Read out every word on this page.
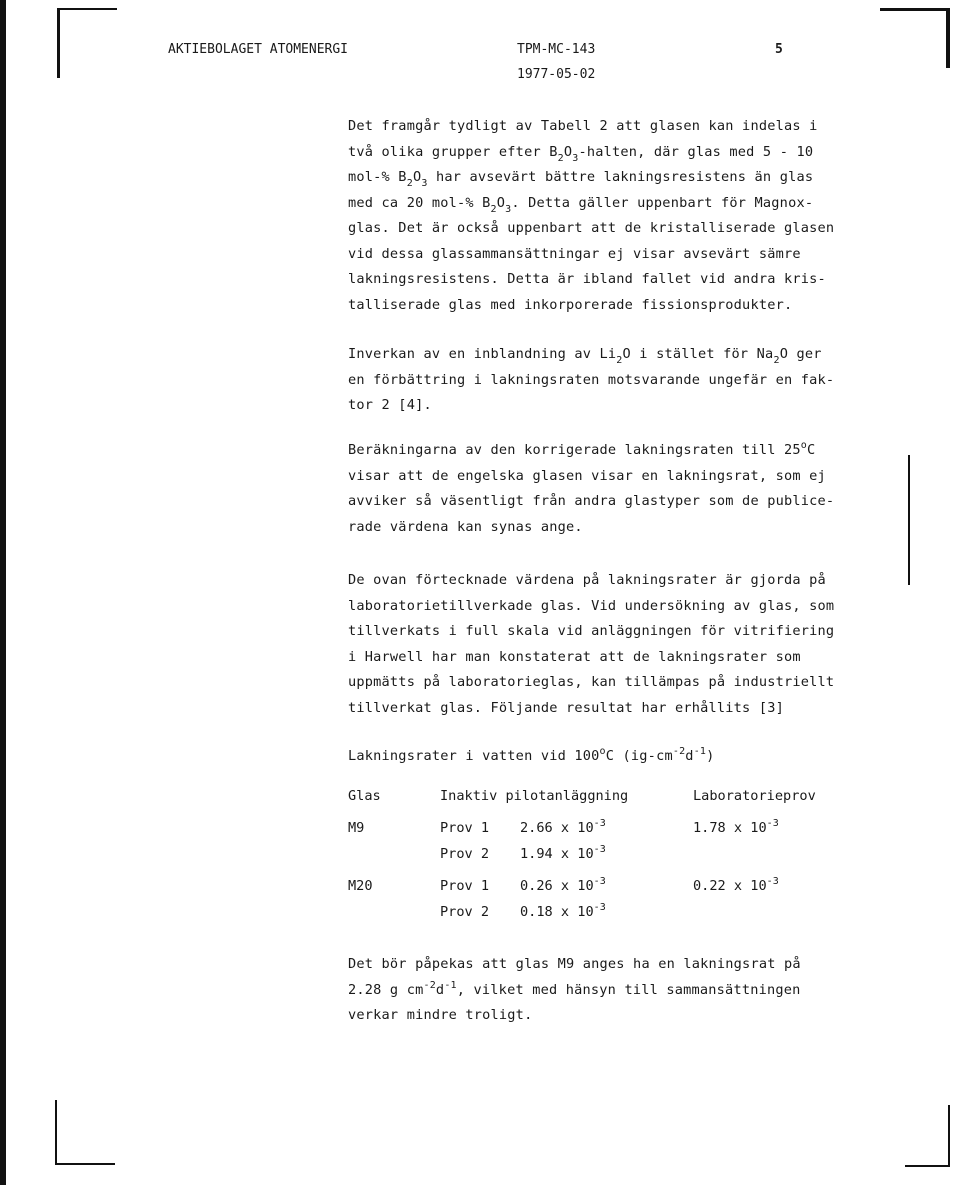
AKTIEBOLAGET ATOMENERGI	TPM-MC-143
1977-05-02
5
Det framgår tydligt av Tabell 2 att glasen kan indelas i
två olika grupper efter $B_2O_3$-halten, där glas med 5 - 10
mol-% $B_2O_3$ har avsevärt bättre lakningsresistens än glas
med ca 20 mol-% $B_2O_3$. Detta gäller uppenbart för Magnox-
glas. Det är också uppenbart att de kristalliserade glasen
vid dessa glassammansättningar ej visar avsevärt sämre
lakningsresistens. Detta är ibland fallet vid andra kris-
talliserade glas med inkorporerade fissionsprodukter.
Inverkan av en inblandning av $Li_2O$ i stället för $Na_2O$ ger
en förbättring i lakningsraten motsvarande ungefär en fak-
tor 2 [4].
Beräkningarna av den korrigerade lakningsraten till 25$^o$C
visar att de engelska glasen visar en lakningsrat, som ej
avviker så väsentligt från andra glastyper som de publice-
rade värdena kan synas ange.
De ovan förtecknade värdena på lakningsrater är gjorda på
laboratorietillverkade glas. Vid undersökning av glas, som
tillverkats i full skala vid anläggningen för vitrifiering
i Harwell har man konstaterat att de lakningsrater som
uppmätts på laboratorieglas, kan tillämpas på industriellt
tillverkat glas. Följande resultat har erhållits [3]
Lakningsrater i vatten vid 100$^o$C $(ig-cm^{-2}d^{-1})$
Glas	Inaktiv pilotanläggning	Laboratorieprov
M9	Prov 1 2.66 x $10^{-3}$	1.78 x $10^{-3}$
Prov 2 1.94 x $10^{-3}$
M20	Prov 1 0.26 x $10^{-3}$	0.22 x $10^{-3}$
Prov 2 0.18 x $10^{-3}$
Det bör påpekas att glas M9 anges ha en lakningsrat på
2.28 g $cm^{-2}d^{-1}$, vilket med hänsyn till sammansättningen
verkar mindre troligt.
